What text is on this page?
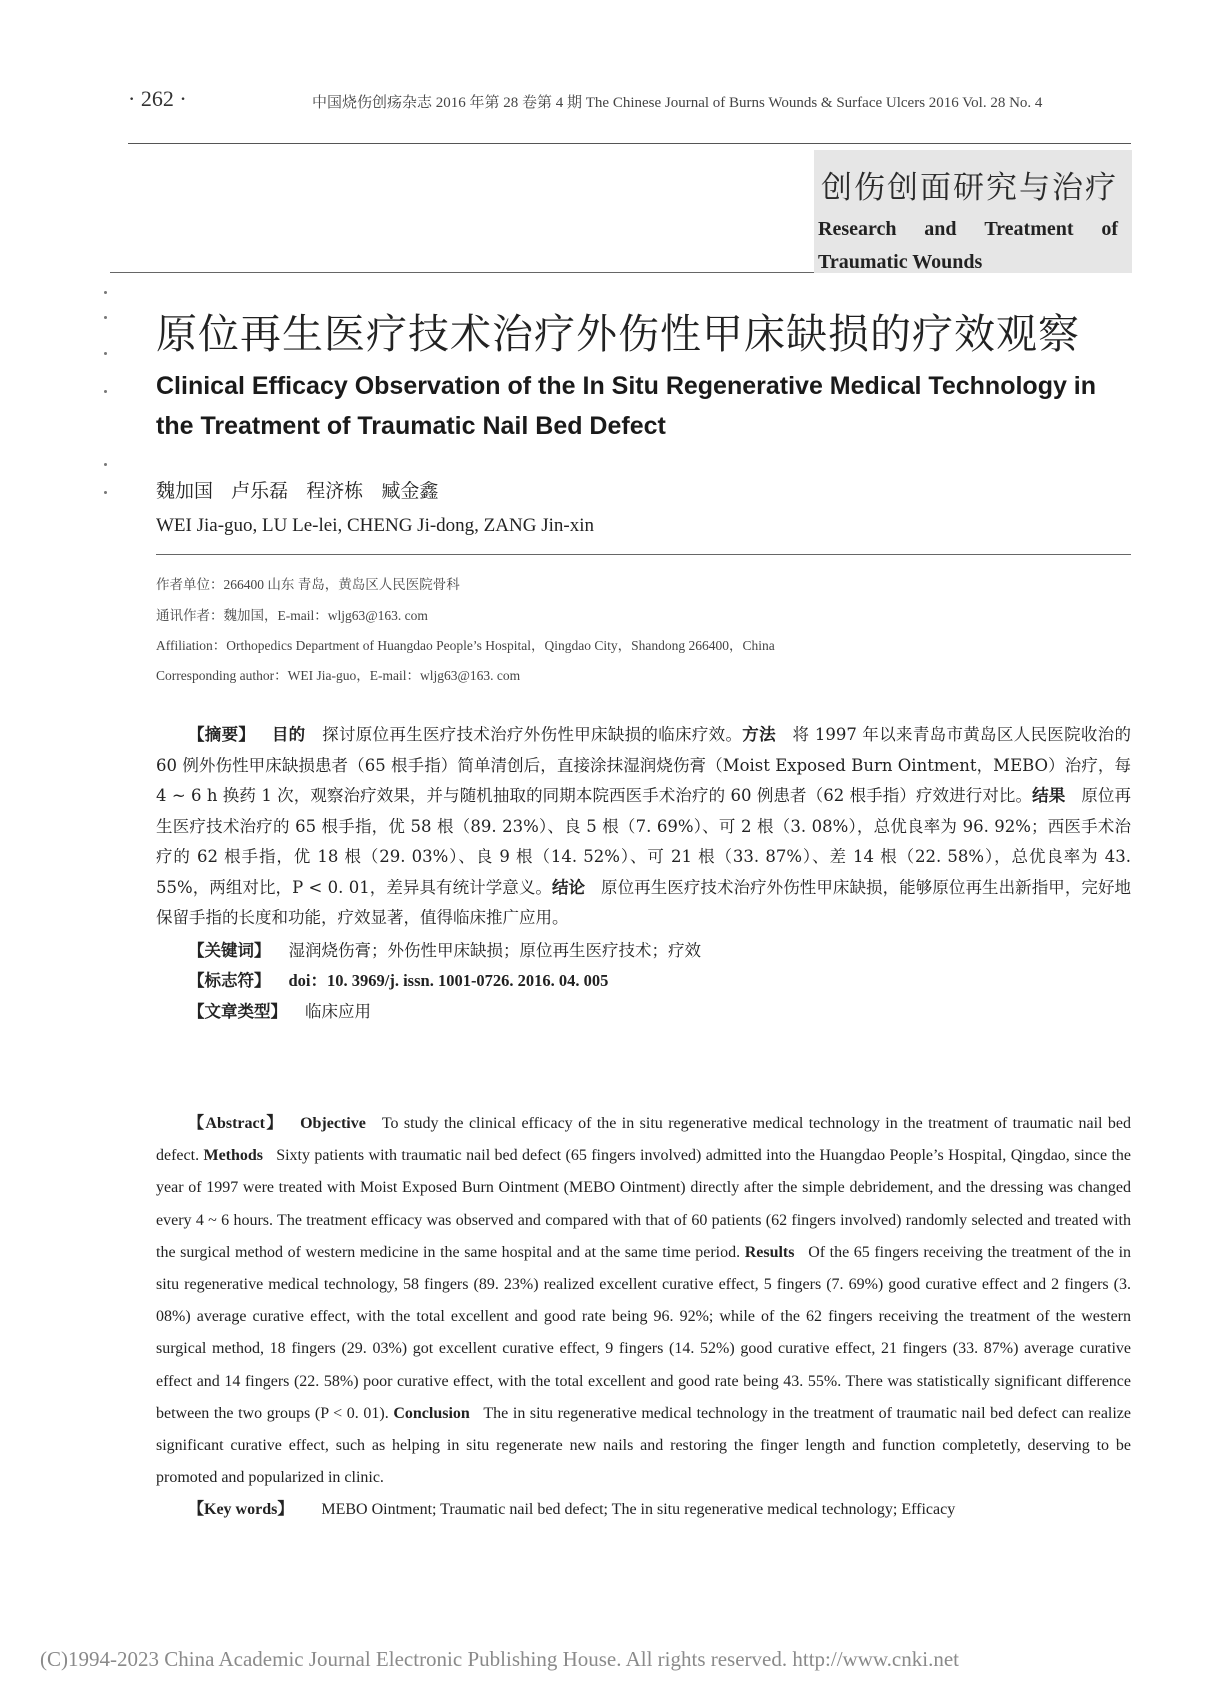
· 262 ·	中国烧伤创疡杂志 2016 年第 28 卷第 4 期 The Chinese Journal of Burns Wounds & Surface Ulcers 2016 Vol. 28 No. 4
创伤创面研究与治疗
Research and Treatment of
Traumatic Wounds
原位再生医疗技术治疗外伤性甲床缺损的疗效观察
Clinical Efficacy Observation of the In Situ Regenerative Medical Technology in the Treatment of Traumatic Nail Bed Defect
魏加国   卢乐磊   程济栋   臧金鑫
WEI Jia-guo, LU Le-lei, CHENG Ji-dong, ZANG Jin-xin
作者单位：266400 山东 青岛，黄岛区人民医院骨科
通讯作者：魏加国，E-mail：wljg63@163. com
Affiliation：Orthopedics Department of Huangdao People’s Hospital，Qingdao City，Shandong 266400，China
Corresponding author：WEI Jia-guo，E-mail：wljg63@163. com
【摘要】 目的 探讨原位再生医疗技术治疗外伤性甲床缺损的临床疗效。方法 将 1997 年以来青岛市黄岛区人民医院收治的 60 例外伤性甲床缺损患者（65 根手指）简单清创后，直接涂抹湿润烧伤膏（Moist Exposed Burn Ointment，MEBO）治疗，每 4 ~ 6 h 换药 1 次，观察治疗效果，并与随机抽取的同期本院西医手术治疗的 60 例患者（62 根手指）疗效进行对比。结果 原位再生医疗技术治疗的 65 根手指，优 58 根（89. 23%）、良 5 根（7. 69%）、可 2 根（3. 08%），总优良率为 96. 92%；西医手术治疗的 62 根手指，优 18 根（29. 03%）、良 9 根（14. 52%）、可 21 根（33. 87%）、差 14 根（22. 58%），总优良率为 43. 55%，两组对比，P < 0. 01，差异具有统计学意义。结论 原位再生医疗技术治疗外伤性甲床缺损，能够原位再生出新指甲，完好地保留手指的长度和功能，疗效显著，值得临床推广应用。
【关键词】 湿润烧伤膏；外伤性甲床缺损；原位再生医疗技术；疗效
【标志符】 doi：10. 3969/j. issn. 1001-0726. 2016. 04. 005
【文章类型】 临床应用
【Abstract】 Objective To study the clinical efficacy of the in situ regenerative medical technology in the treatment of traumatic nail bed defect. Methods Sixty patients with traumatic nail bed defect (65 fingers involved) admitted into the Huangdao People’s Hospital, Qingdao, since the year of 1997 were treated with Moist Exposed Burn Ointment (MEBO Ointment) directly after the simple debridement, and the dressing was changed every 4 ~ 6 hours. The treatment efficacy was observed and compared with that of 60 patients (62 fingers involved) randomly selected and treated with the surgical method of western medicine in the same hospital and at the same time period. Results Of the 65 fingers receiving the treatment of the in situ regenerative medical technology, 58 fingers (89. 23%) realized excellent curative effect, 5 fingers (7. 69%) good curative effect and 2 fingers (3. 08%) average curative effect, with the total excellent and good rate being 96. 92%; while of the 62 fingers receiving the treatment of the western surgical method, 18 fingers (29. 03%) got excellent curative effect, 9 fingers (14. 52%) good curative effect, 21 fingers (33. 87%) average curative effect and 14 fingers (22. 58%) poor curative effect, with the total excellent and good rate being 43. 55%. There was statistically significant difference between the two groups (P < 0. 01). Conclusion The in situ regenerative medical technology in the treatment of traumatic nail bed defect can realize significant curative effect, such as helping in situ regenerate new nails and restoring the finger length and function completetly, deserving to be promoted and popularized in clinic.
【Key words】 MEBO Ointment; Traumatic nail bed defect; The in situ regenerative medical technology; Efficacy
(C)1994-2023 China Academic Journal Electronic Publishing House. All rights reserved. http://www.cnki.net
